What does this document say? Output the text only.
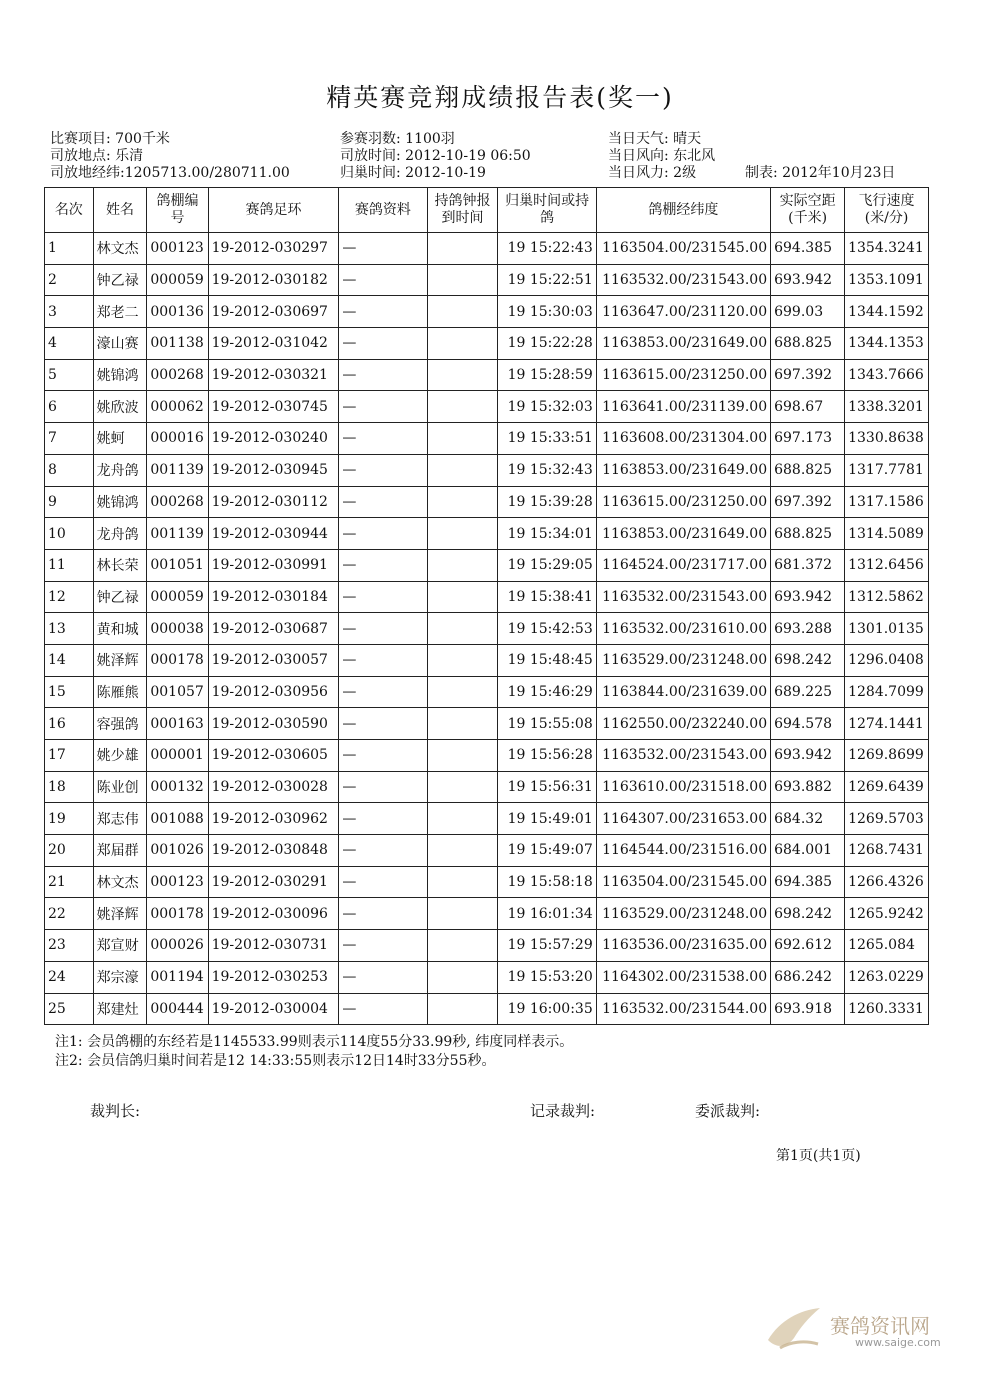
精英赛竞翔成绩报告表(奖一)
比赛项目: 700千米
司放地点: 乐清
司放地经纬:1205713.00/280711.00
参赛羽数: 1100羽
司放时间: 2012-10-19 06:50
归巢时间: 2012-10-19
当日天气: 晴天
当日风向: 东北风
当日风力: 2级	制表: 2012年10月23日
名次	姓名	鸽棚编号	赛鸽足环	赛鸽资料	持鸽钟报到时间	归巢时间或持鸽	鸽棚经纬度	实际空距(千米)	飞行速度(米/分)
1	林文杰	000123	19-2012-030297	—		19 15:22:43	1163504.00/231545.00	694.385	1354.3241
2	钟乙禄	000059	19-2012-030182	—		19 15:22:51	1163532.00/231543.00	693.942	1353.1091
3	郑老二	000136	19-2012-030697	—		19 15:30:03	1163647.00/231120.00	699.03	1344.1592
4	濠山赛	001138	19-2012-031042	—		19 15:22:28	1163853.00/231649.00	688.825	1344.1353
5	姚锦鸿	000268	19-2012-030321	—		19 15:28:59	1163615.00/231250.00	697.392	1343.7666
6	姚欣波	000062	19-2012-030745	—		19 15:32:03	1163641.00/231139.00	698.67	1338.3201
7	姚蚵	000016	19-2012-030240	—		19 15:33:51	1163608.00/231304.00	697.173	1330.8638
8	龙舟鸽	001139	19-2012-030945	—		19 15:32:43	1163853.00/231649.00	688.825	1317.7781
9	姚锦鸿	000268	19-2012-030112	—		19 15:39:28	1163615.00/231250.00	697.392	1317.1586
10	龙舟鸽	001139	19-2012-030944	—		19 15:34:01	1163853.00/231649.00	688.825	1314.5089
11	林长荣	001051	19-2012-030991	—		19 15:29:05	1164524.00/231717.00	681.372	1312.6456
12	钟乙禄	000059	19-2012-030184	—		19 15:38:41	1163532.00/231543.00	693.942	1312.5862
13	黄和城	000038	19-2012-030687	—		19 15:42:53	1163532.00/231610.00	693.288	1301.0135
14	姚泽辉	000178	19-2012-030057	—		19 15:48:45	1163529.00/231248.00	698.242	1296.0408
15	陈雁熊	001057	19-2012-030956	—		19 15:46:29	1163844.00/231639.00	689.225	1284.7099
16	容强鸽	000163	19-2012-030590	—		19 15:55:08	1162550.00/232240.00	694.578	1274.1441
17	姚少雄	000001	19-2012-030605	—		19 15:56:28	1163532.00/231543.00	693.942	1269.8699
18	陈业创	000132	19-2012-030028	—		19 15:56:31	1163610.00/231518.00	693.882	1269.6439
19	郑志伟	001088	19-2012-030962	—		19 15:49:01	1164307.00/231653.00	684.32	1269.5703
20	郑届群	001026	19-2012-030848	—		19 15:49:07	1164544.00/231516.00	684.001	1268.7431
21	林文杰	000123	19-2012-030291	—		19 15:58:18	1163504.00/231545.00	694.385	1266.4326
22	姚泽辉	000178	19-2012-030096	—		19 16:01:34	1163529.00/231248.00	698.242	1265.9242
23	郑宣财	000026	19-2012-030731	—		19 15:57:29	1163536.00/231635.00	692.612	1265.084
24	郑宗濠	001194	19-2012-030253	—		19 15:53:20	1164302.00/231538.00	686.242	1263.0229
25	郑建灶	000444	19-2012-030004	—		19 16:00:35	1163532.00/231544.00	693.918	1260.3331
注1: 会员鸽棚的东经若是1145533.99则表示114度55分33.99秒, 纬度同样表示。
注2: 会员信鸽归巢时间若是12 14:33:55则表示12日14时33分55秒。
裁判长:	记录裁判:	委派裁判:
第1页(共1页)
赛鸽资讯网
www.saige.com
